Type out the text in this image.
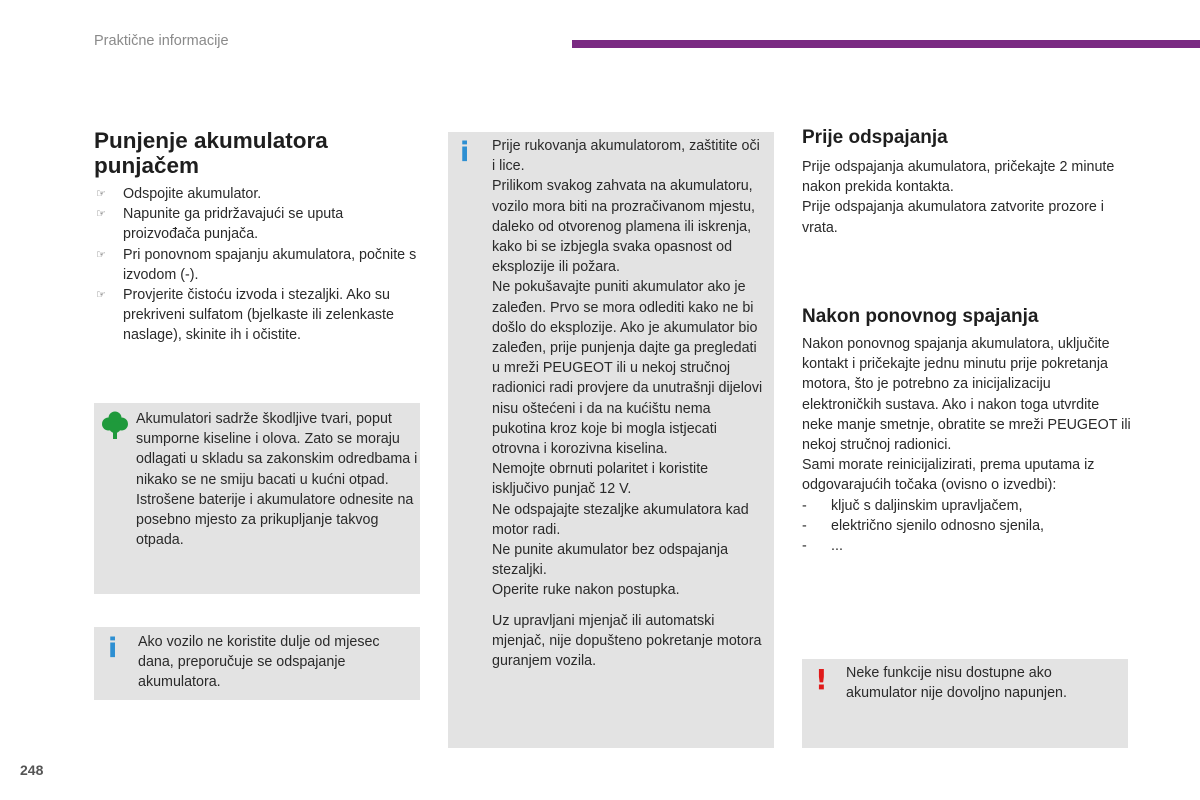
Praktične informacije
Punjenje akumulatora punjačem
☞ Odspojite akumulator.
☞ Napunite ga pridržavajući se uputa proizvođača punjača.
☞ Pri ponovnom spajanju akumulatora, počnite s izvodom (-).
☞ Provjerite čistoću izvoda i stezaljki. Ako su prekriveni sulfatom (bjelkaste ili zelenkaste naslage), skinite ih i očistite.

Akumulatori sadrže škodljive tvari, poput sumporne kiseline i olova. Zato se moraju odlagati u skladu sa zakonskim odredbama i nikako se ne smiju bacati u kućni otpad.

Istrošene baterije i akumulatore odnesite na posebno mjesto za prikupljanje takvog otpada.

i Ako vozilo ne koristite dulje od mjesec dana, preporučuje se odspajanje akumulatora.

i Prije rukovanja akumulatorom, zaštitite oči i lice.

Prilikom svakog zahvata na akumulatoru, vozilo mora biti na prozračivanom mjestu, daleko od otvorenog plamena ili iskrenja, kako bi se izbjegla svaka opasnost od eksplozije ili požara.

Ne pokušavajte puniti akumulator ako je zaleđen. Prvo se mora odlediti kako ne bi došlo do eksplozije. Ako je akumulator bio zaleđen, prije punjenja dajte ga pregledati u mreži PEUGEOT ili u nekoj stručnoj radionici radi provjere da unutrašnji dijelovi nisu oštećeni i da na kućištu nema pukotina kroz koje bi mogla istjecati otrovna i korozivna kiselina.

Nemojte obrnuti polaritet i koristite isključivo punjač 12 V.

Ne odspajajte stezaljke akumulatora kad motor radi.

Ne punite akumulator bez odspajanja stezaljki.

Operite ruke nakon postupka.

Uz upravljani mjenjač ili automatski mjenjač, nije dopušteno pokretanje motora guranjem vozila.

Prije odspajanja

Prije odspajanja akumulatora, pričekajte 2 minute nakon prekida kontakta.

Prije odspajanja akumulatora zatvorite prozore i vrata.

Nakon ponovnog spajanja

Nakon ponovnog spajanja akumulatora, uključite kontakt i pričekajte jednu minutu prije pokretanja motora, što je potrebno za inicijalizaciju elektroničkih sustava. Ako i nakon toga utvrdite neke manje smetnje, obratite se mreži PEUGEOT ili nekoj stručnoj radionici.

Sami morate reinicijalizirati, prema uputama iz odgovarajućih točaka (ovisno o izvedbi):

- ključ s daljinskim upravljačem,
- električno sjenilo odnosno sjenila,
- ...
! Neke funkcije nisu dostupne ako akumulator nije dovoljno napunjen.

248
